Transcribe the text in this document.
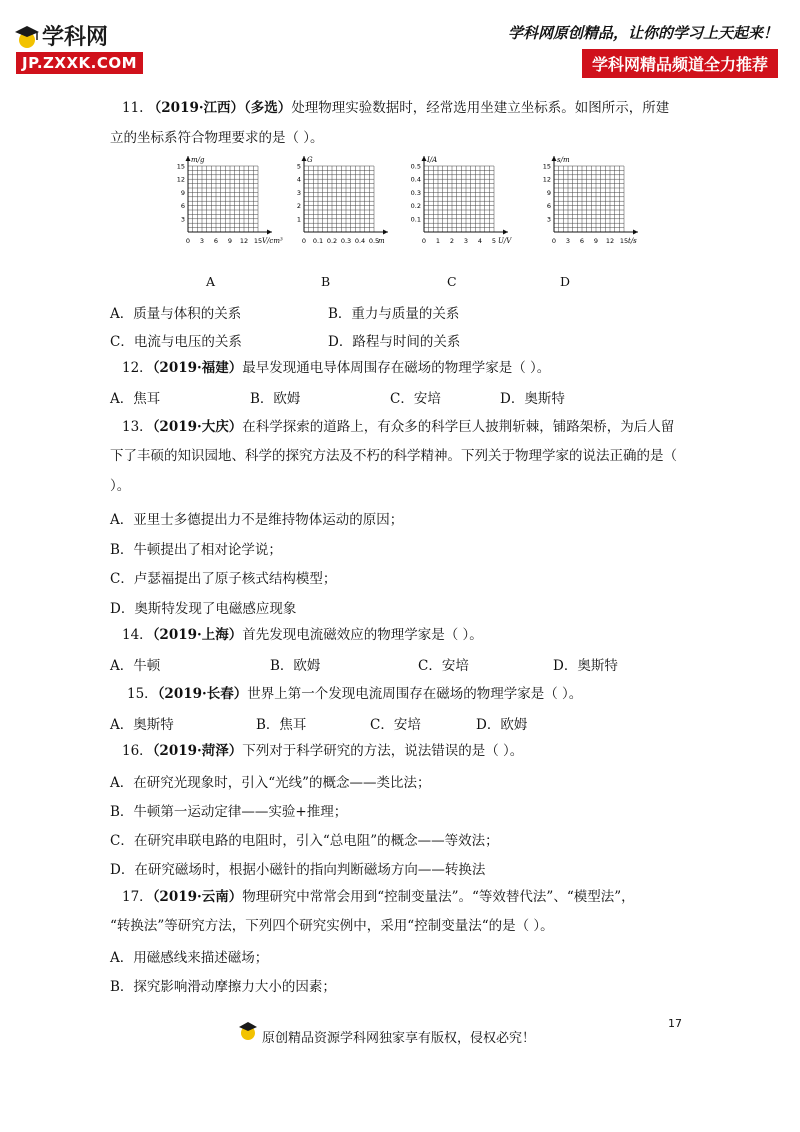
学科网
JP.ZXXK.COM
学科网原创精品，让你的学习上天起来！
学科网精品频道全力推荐
11. （2019·江西）（多选）处理物理实验数据时，经常选用坐建立坐标系。如图所示，所建
立的坐标系符合物理要求的是（ ）。
15
12
9
6
3
0 3 6 9 12 15
m/g
V/cm³
5
4
3
2
1
0 0.1 0.2 0.3 0.4 0.5
G
m
0.5
0.4
0.3
0.2
0.1
0 1 2 3 4 5
I/A
U/V
15
12
9
6
3
0 3 6 9 12 15
s/m
t/s
A	B	C	D
A．质量与体积的关系	B．重力与质量的关系
C．电流与电压的关系	D．路程与时间的关系
12．（2019·福建）最早发现通电导体周围存在磁场的物理学家是（ ）。
A．焦耳	B．欧姆	C．安培	D．奥斯特
13．（2019·大庆）在科学探索的道路上，有众多的科学巨人披荆斩棘，铺路架桥，为后人留
下了丰硕的知识园地、科学的探究方法及不朽的科学精神。下列关于物理学家的说法正确的是（
）。
A．亚里士多德提出力不是维持物体运动的原因；
B．牛顿提出了相对论学说；
C．卢瑟福提出了原子核式结构模型；
D．奥斯特发现了电磁感应现象
14．（2019·上海）首先发现电流磁效应的物理学家是（ ）。
A．牛顿	B．欧姆	C．安培	D．奥斯特
15．（2019·长春）世界上第一个发现电流周围存在磁场的物理学家是（ ）。
A．奥斯特	B．焦耳	C．安培	D．欧姆
16．（2019·菏泽）下列对于科学研究的方法，说法错误的是（ ）。
A．在研究光现象时，引入“光线”的概念——类比法；
B．牛顿第一运动定律——实验+推理；
C．在研究串联电路的电阻时，引入“总电阻”的概念——等效法；
D．在研究磁场时，根据小磁针的指向判断磁场方向——转换法
17．（2019·云南）物理研究中常常会用到“控制变量法”。“等效替代法”、“模型法”，
“转换法”等研究方法，下列四个研究实例中，采用“控制变量法“的是（ ）。
A．用磁感线来描述磁场；
B．探究影响滑动摩擦力大小的因素；
17
原创精品资源学科网独家享有版权，侵权必究！
